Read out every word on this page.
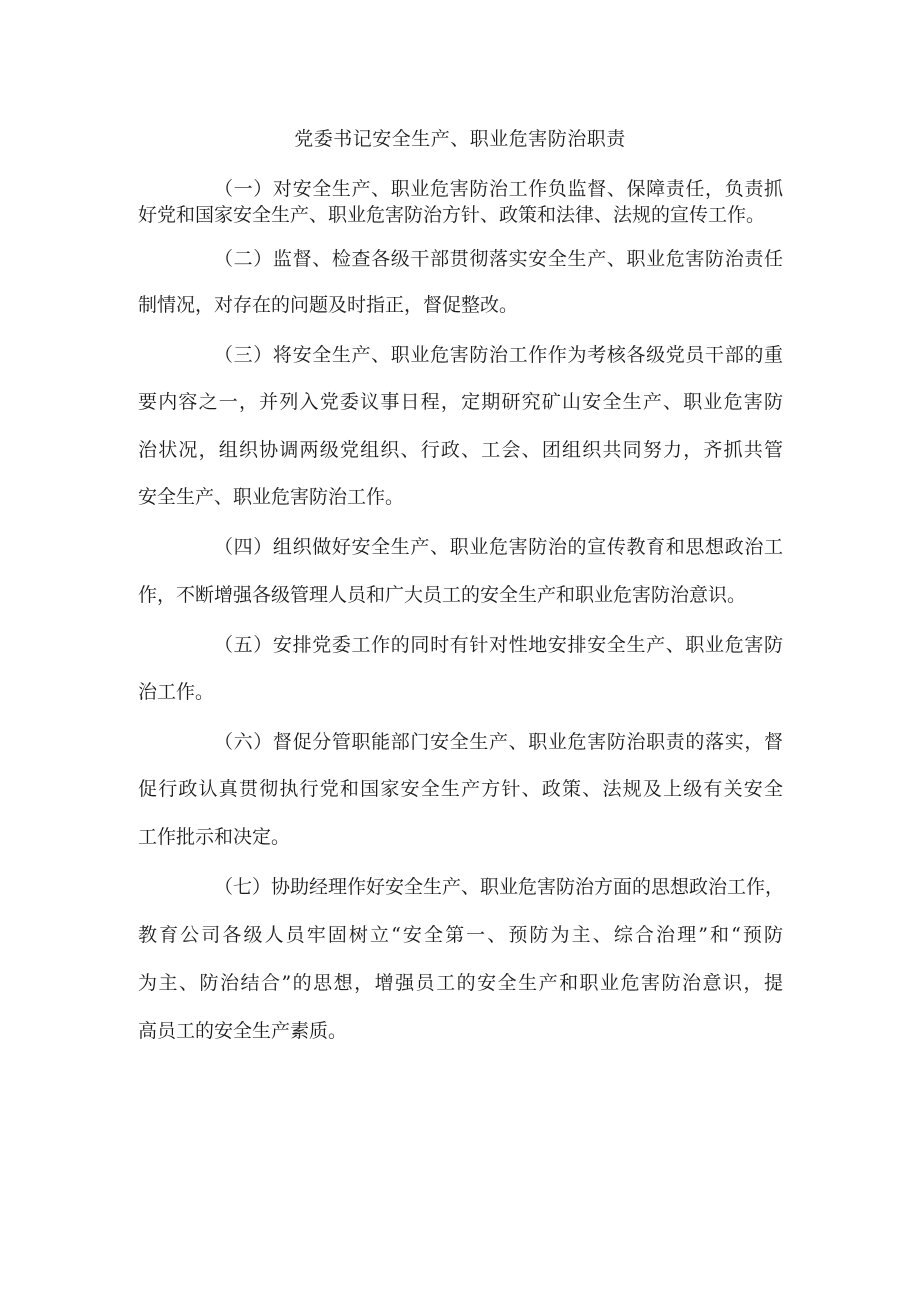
党委书记安全生产、职业危害防治职责

（一）对安全生产、职业危害防治工作负监督、保障责任，负责抓

好党和国家安全生产、职业危害防治方针、政策和法律、法规的宣传工作。

（二）监督、检查各级干部贯彻落实安全生产、职业危害防治责任

制情况，对存在的问题及时指正，督促整改。

（三）将安全生产、职业危害防治工作作为考核各级党员干部的重

要内容之一，并列入党委议事日程，定期研究矿山安全生产、职业危害防

治状况，组织协调两级党组织、行政、工会、团组织共同努力，齐抓共管

安全生产、职业危害防治工作。

（四）组织做好安全生产、职业危害防治的宣传教育和思想政治工

作，不断增强各级管理人员和广大员工的安全生产和职业危害防治意识。

（五）安排党委工作的同时有针对性地安排安全生产、职业危害防

治工作。

（六）督促分管职能部门安全生产、职业危害防治职责的落实，督

促行政认真贯彻执行党和国家安全生产方针、政策、法规及上级有关安全

工作批示和决定。

（七）协助经理作好安全生产、职业危害防治方面的思想政治工作，

教育公司各级人员牢固树立“安全第一、预防为主、综合治理”和“预防

为主、防治结合”的思想，增强员工的安全生产和职业危害防治意识，提

高员工的安全生产素质。
